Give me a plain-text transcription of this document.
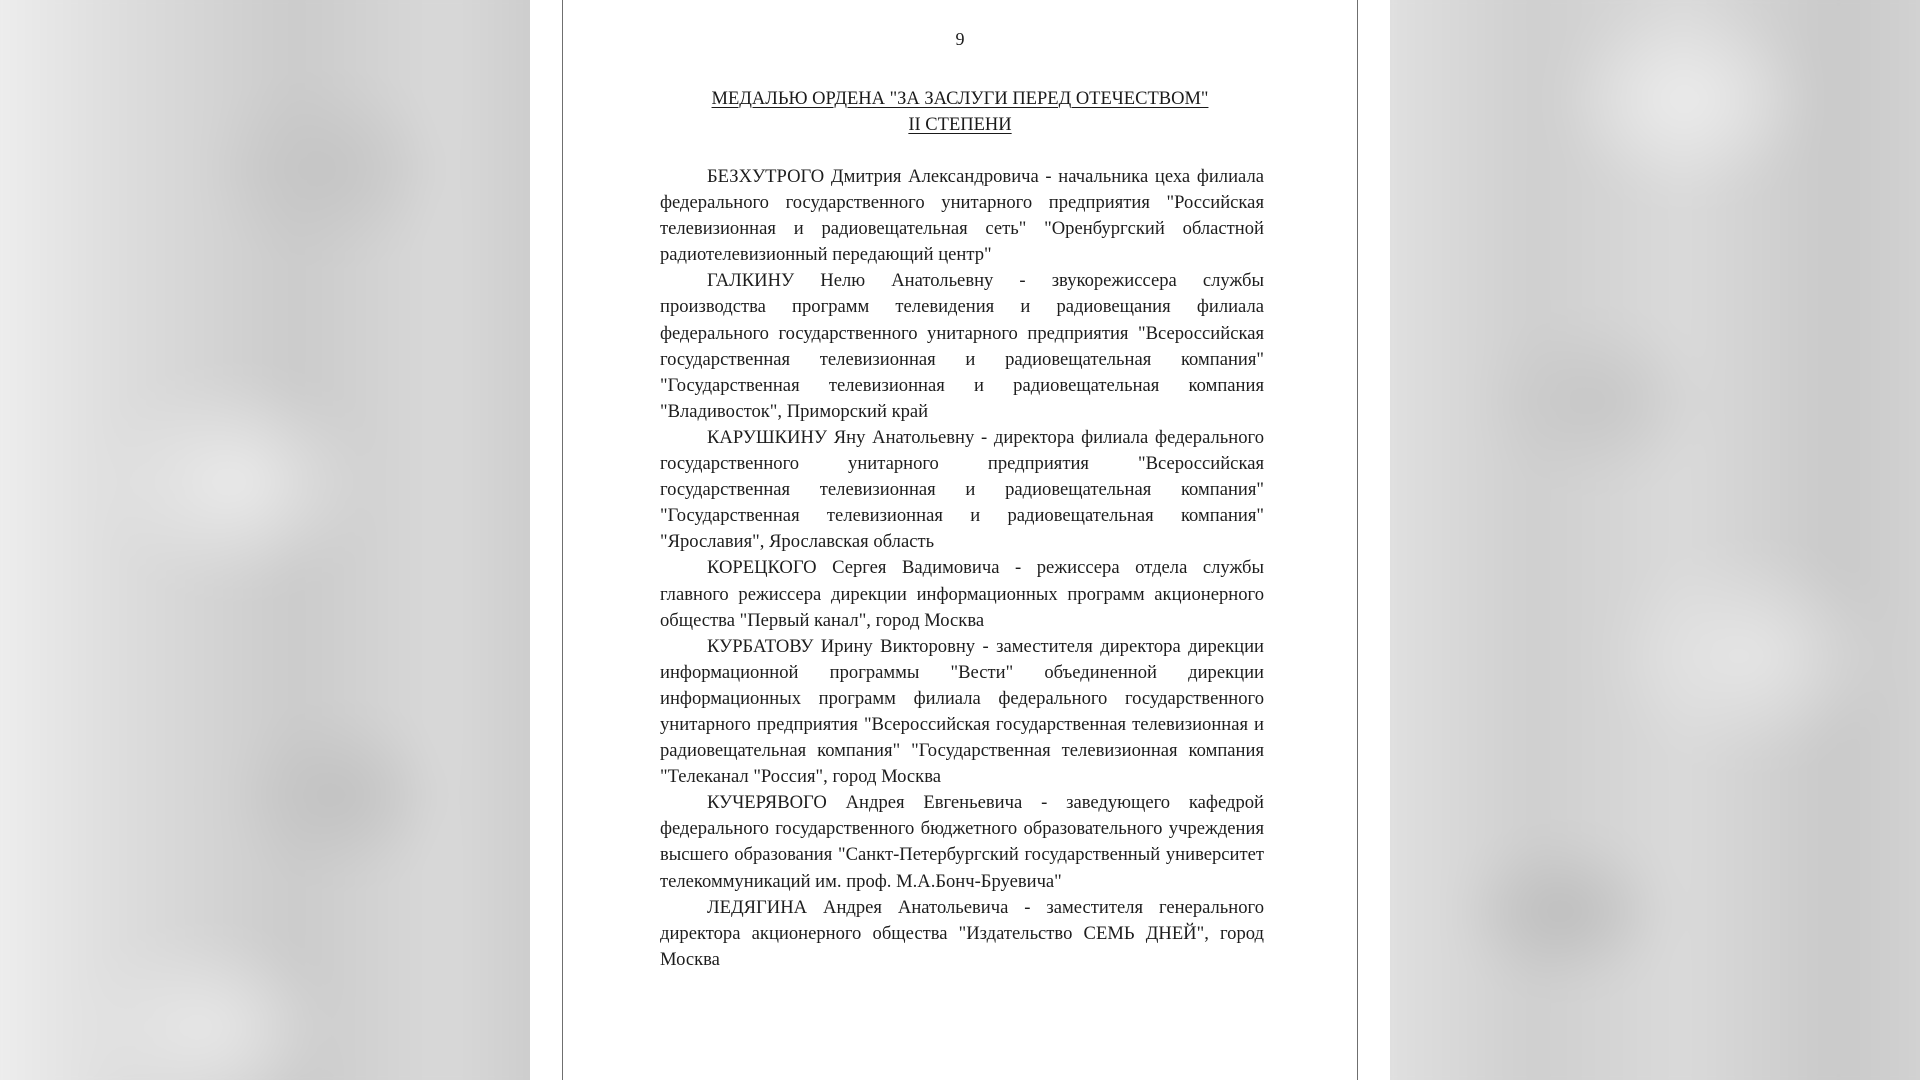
9
МЕДАЛЬЮ ОРДЕНА "ЗА ЗАСЛУГИ ПЕРЕД ОТЕЧЕСТВОМ"
II СТЕПЕНИ

БЕЗХУТРОГО Дмитрия Александровича - начальника цеха филиала федерального государственного унитарного предприятия "Российская телевизионная и радиовещательная сеть" "Оренбургский областной радиотелевизионный передающий центр"

ГАЛКИНУ Нелю Анатольевну - звукорежиссера службы производства программ телевидения и радиовещания филиала федерального государственного унитарного предприятия "Всероссийская государственная телевизионная и радиовещательная компания" "Государственная телевизионная и радиовещательная компания "Владивосток", Приморский край

КАРУШКИНУ Яну Анатольевну - директора филиала федерального государственного унитарного предприятия "Всероссийская государственная телевизионная и радиовещательная компания" "Государственная телевизионная и радиовещательная компания" "Ярославия", Ярославская область

КОРЕЦКОГО Сергея Вадимовича - режиссера отдела службы главного режиссера дирекции информационных программ акционерного общества "Первый канал", город Москва

КУРБАТОВУ Ирину Викторовну - заместителя директора дирекции информационной программы "Вести" объединенной дирекции информационных программ филиала федерального государственного унитарного предприятия "Всероссийская государственная телевизионная и радиовещательная компания" "Государственная телевизионная компания "Телеканал "Россия", город Москва

КУЧЕРЯВОГО Андрея Евгеньевича - заведующего кафедрой федерального государственного бюджетного образовательного учреждения высшего образования "Санкт-Петербургский государственный университет телекоммуникаций им. проф. М.А.Бонч-Бруевича"

ЛЕДЯГИНА Андрея Анатольевича - заместителя генерального директора акционерного общества "Издательство СЕМЬ ДНЕЙ", город Москва
